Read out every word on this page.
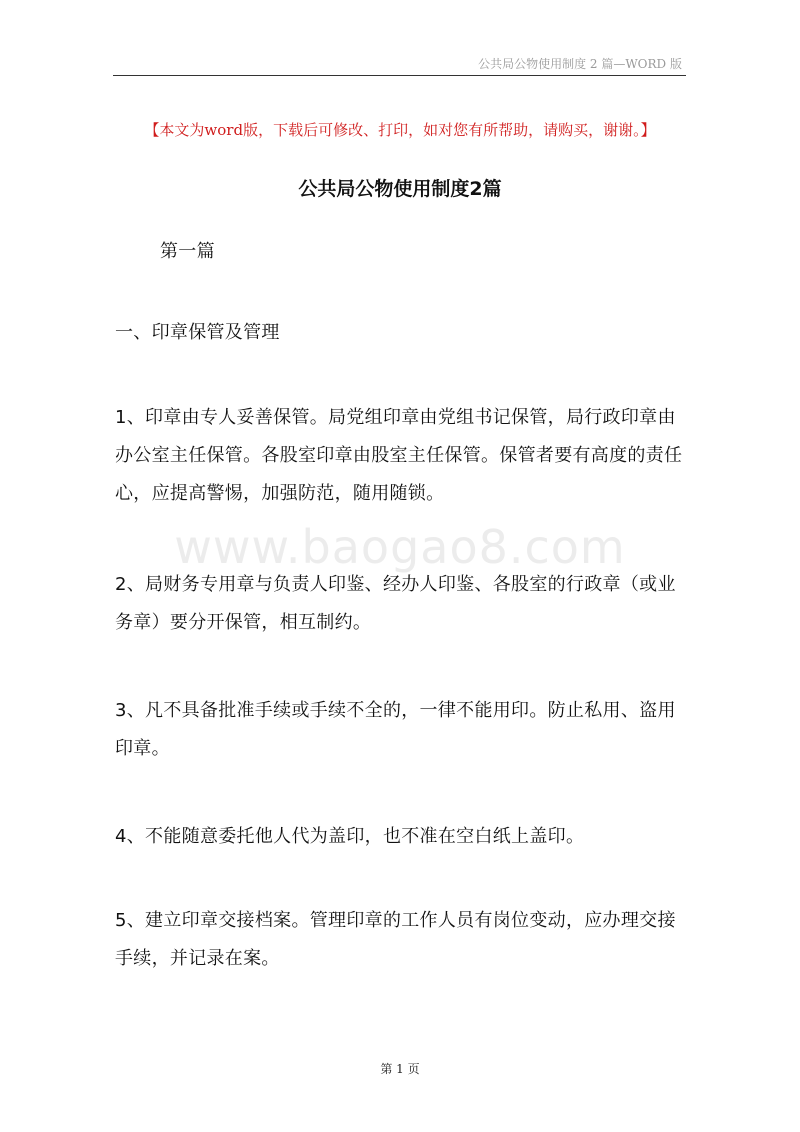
公共局公物使用制度 2 篇—WORD 版
【本文为word版，下载后可修改、打印，如对您有所帮助，请购买，谢谢。】
公共局公物使用制度2篇
第一篇
一、印章保管及管理
1、印章由专人妥善保管。局党组印章由党组书记保管，局行政印章由办公室主任保管。各股室印章由股室主任保管。保管者要有高度的责任心，应提高警惕，加强防范，随用随锁。
www.baogao8.com
2、局财务专用章与负责人印鉴、经办人印鉴、各股室的行政章（或业务章）要分开保管，相互制约。
3、凡不具备批准手续或手续不全的，一律不能用印。防止私用、盗用印章。
4、不能随意委托他人代为盖印，也不准在空白纸上盖印。
5、建立印章交接档案。管理印章的工作人员有岗位变动，应办理交接手续，并记录在案。
第 1 页
